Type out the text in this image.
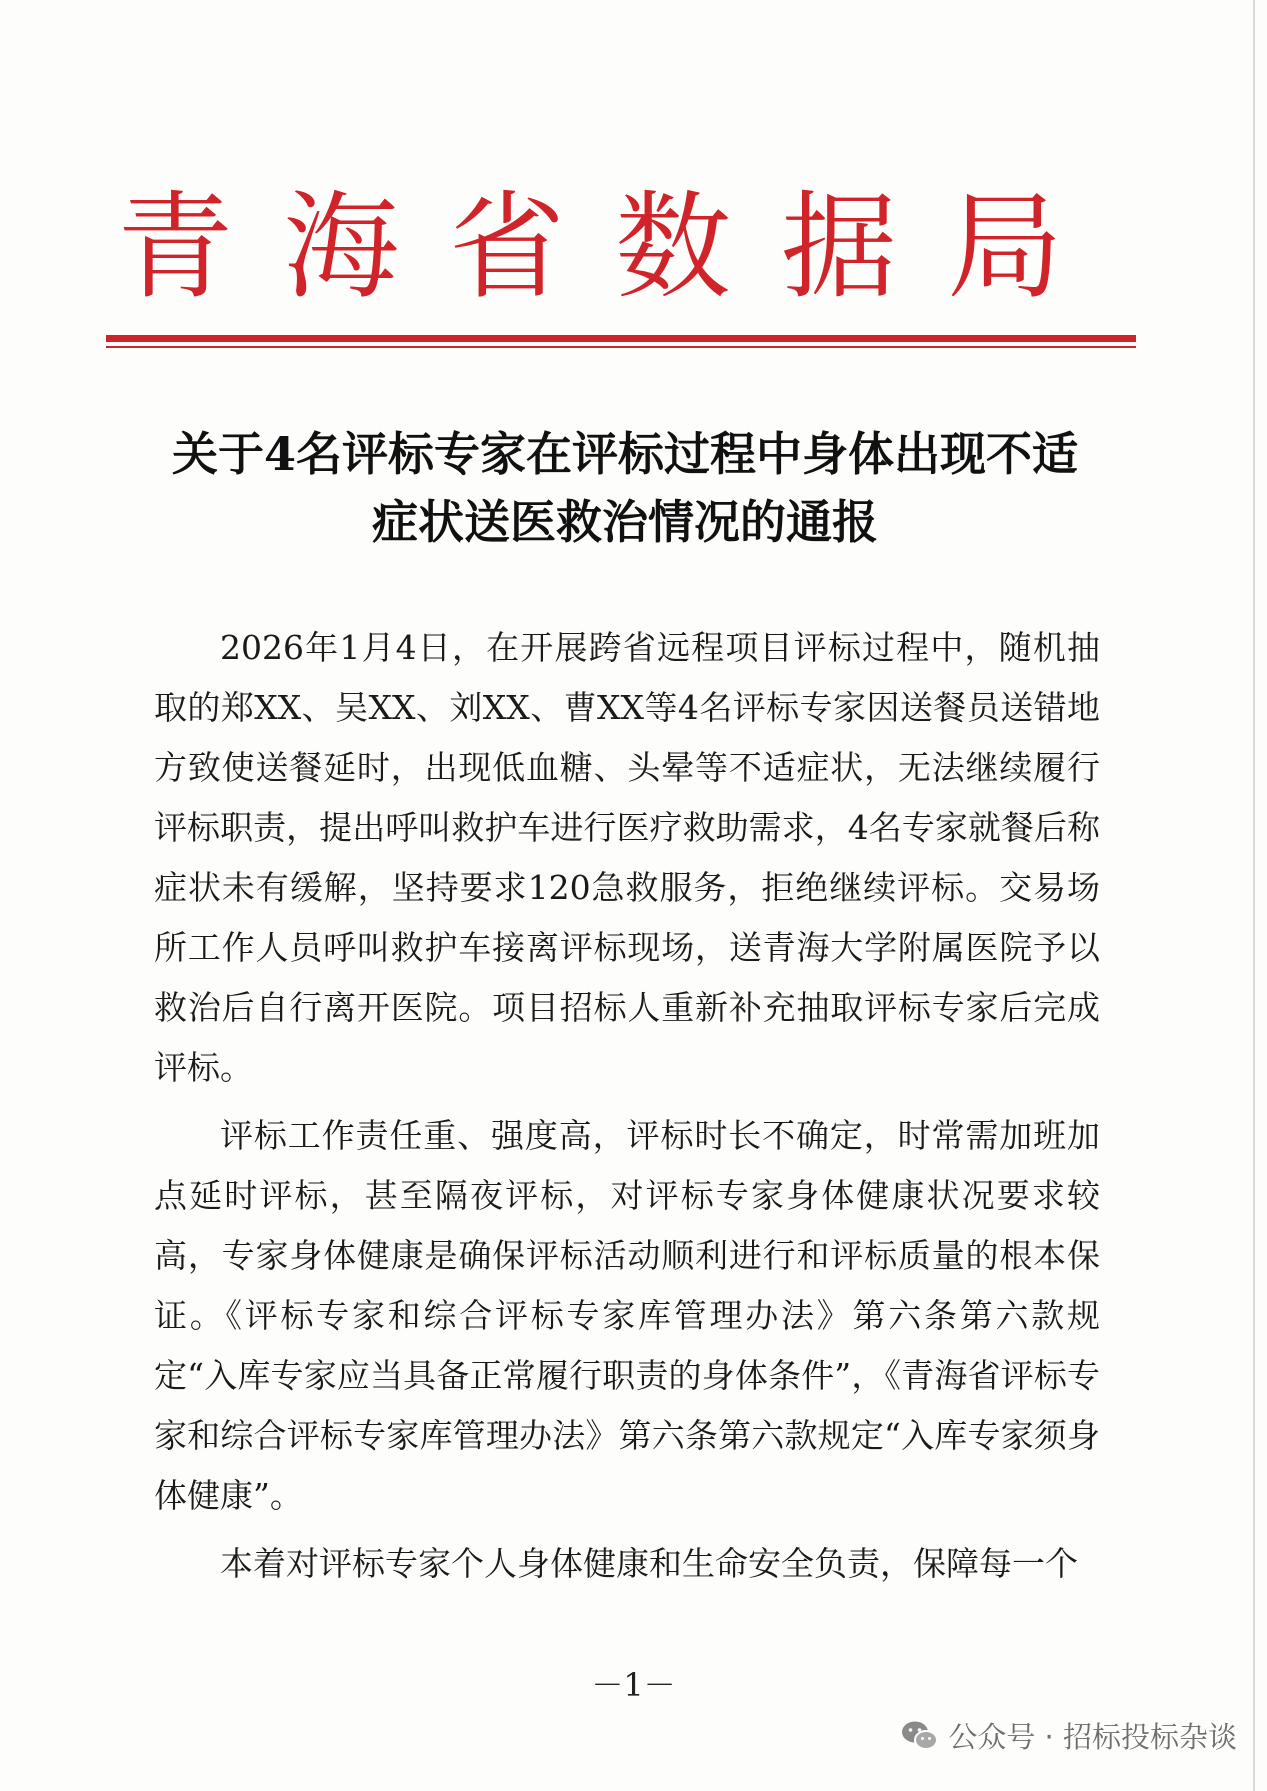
青海省数据局
关于4名评标专家在评标过程中身体出现不适
症状送医救治情况的通报

2026年1月4日，在开展跨省远程项目评标过程中，随机抽取的郑XX、吴XX、刘XX、曹XX等4名评标专家因送餐员送错地方致使送餐延时，出现低血糖、头晕等不适症状，无法继续履行评标职责，提出呼叫救护车进行医疗救助需求，4名专家就餐后称症状未有缓解，坚持要求120急救服务，拒绝继续评标。交易场所工作人员呼叫救护车接离评标现场，送青海大学附属医院予以救治后自行离开医院。项目招标人重新补充抽取评标专家后完成评标。

评标工作责任重、强度高，评标时长不确定，时常需加班加点延时评标，甚至隔夜评标，对评标专家身体健康状况要求较高，专家身体健康是确保评标活动顺利进行和评标质量的根本保证。《评标专家和综合评标专家库管理办法》第六条第六款规定“入库专家应当具备正常履行职责的身体条件”，《青海省评标专家和综合评标专家库管理办法》第六条第六款规定“入库专家须身体健康”。

本着对评标专家个人身体健康和生命安全负责，保障每一个

－1－
公众号 · 招标投标杂谈
